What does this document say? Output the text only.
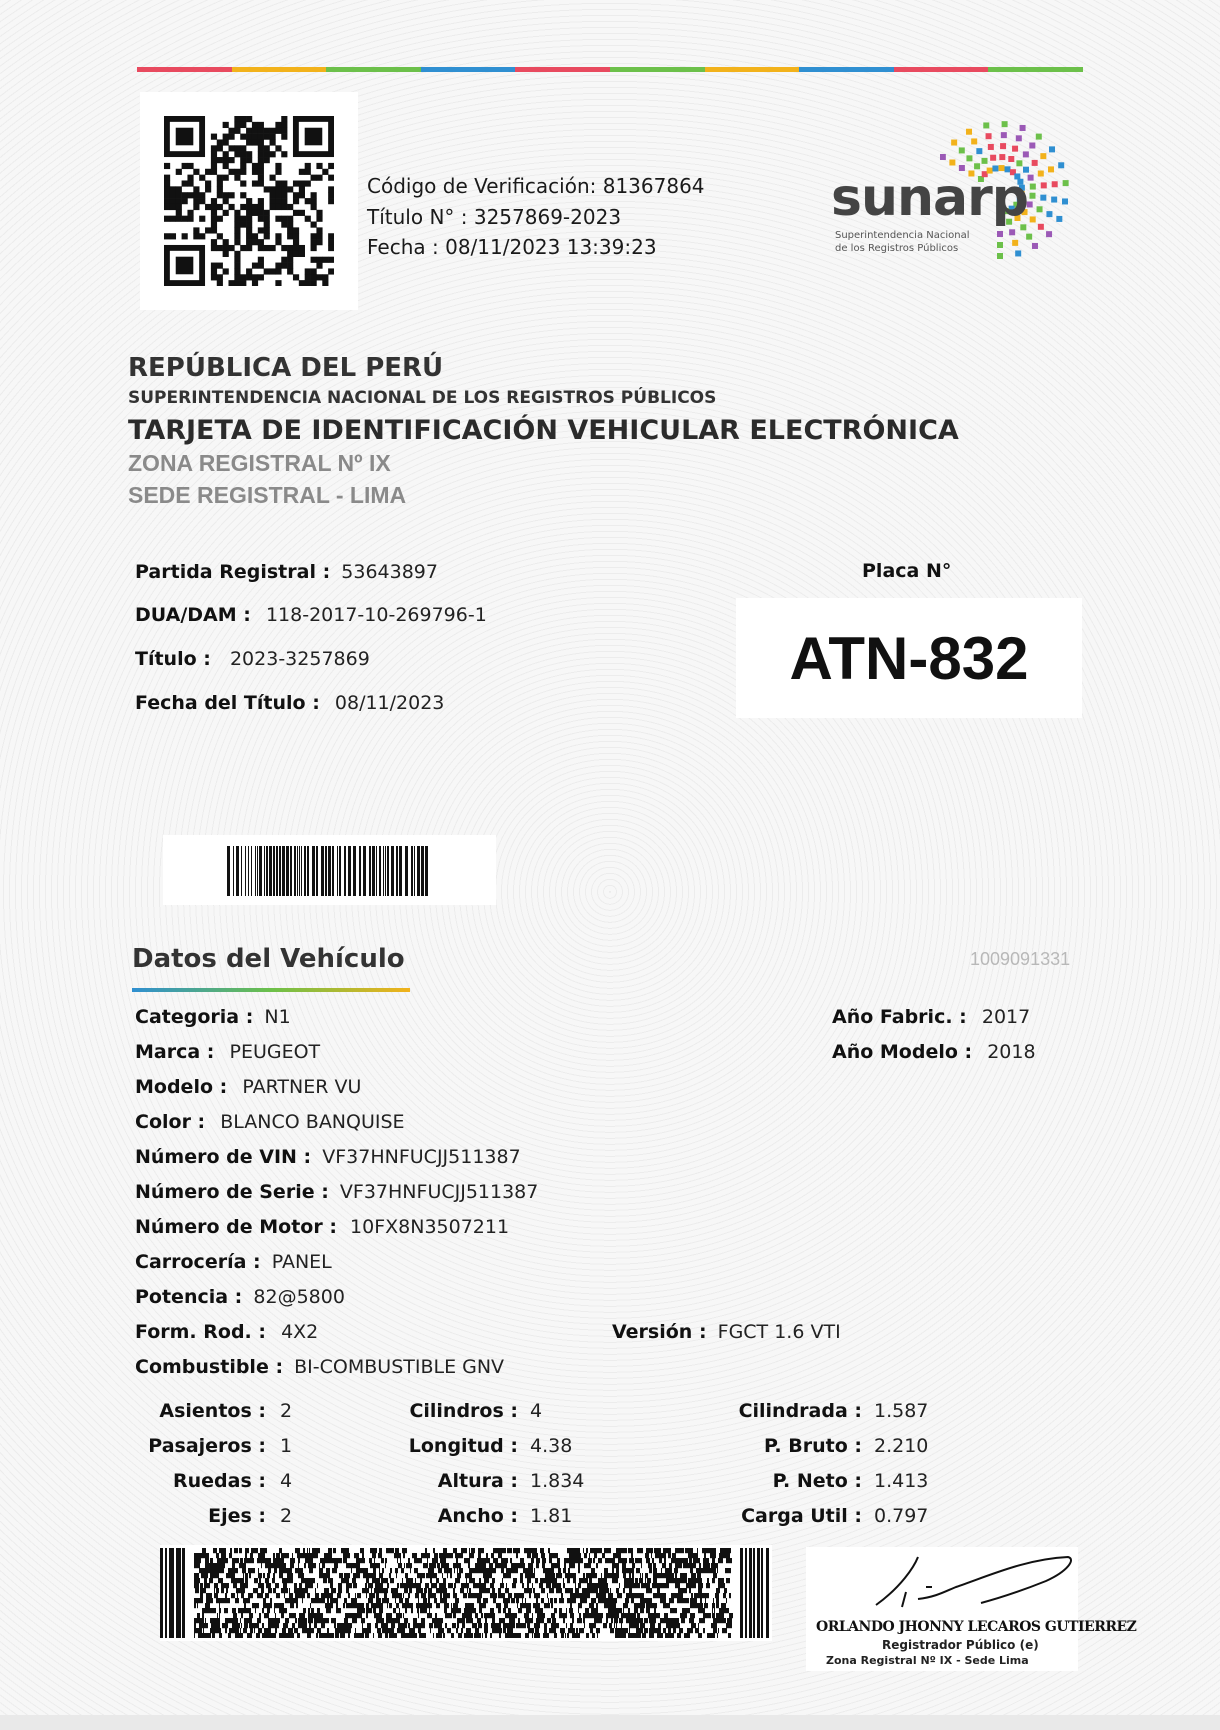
Código de Verificación: 81367864
Título N° : 3257869-2023
Fecha : 08/11/2023 13:39:23
sunarp
Superintendencia Nacional
de los Registros Públicos
REPÚBLICA DEL PERÚ
SUPERINTENDENCIA NACIONAL DE LOS REGISTROS PÚBLICOS
TARJETA DE IDENTIFICACIÓN VEHICULAR ELECTRÓNICA
ZONA REGISTRAL Nº IX
SEDE REGISTRAL - LIMA
Partida Registral : 53643897
DUA/DAM : 118-2017-10-269796-1
Título : 2023-3257869
Fecha del Título : 08/11/2023
Placa N°
ATN-832
Datos del Vehículo	1009091331
Categoria : N1
Marca : PEUGEOT
Modelo : PARTNER VU
Color : BLANCO BANQUISE
Número de VIN : VF37HNFUCJJ511387
Número de Serie : VF37HNFUCJJ511387
Número de Motor : 10FX8N3507211
Carrocería : PANEL
Potencia : 82@5800
Form. Rod. : 4X2
Combustible : BI-COMBUSTIBLE GNV
Versión : FGCT 1.6 VTI
Año Fabric. : 2017
Año Modelo : 2018
Asientos : 2
Pasajeros : 1
Ruedas : 4
Ejes : 2
Cilindros : 4
Longitud : 4.38
Altura : 1.834
Ancho : 1.81
Cilindrada : 1.587
P. Bruto : 2.210
P. Neto : 1.413
Carga Util : 0.797
ORLANDO JHONNY LECAROS GUTIERREZ
Registrador Público (e)
Zona Registral Nº IX - Sede Lima
